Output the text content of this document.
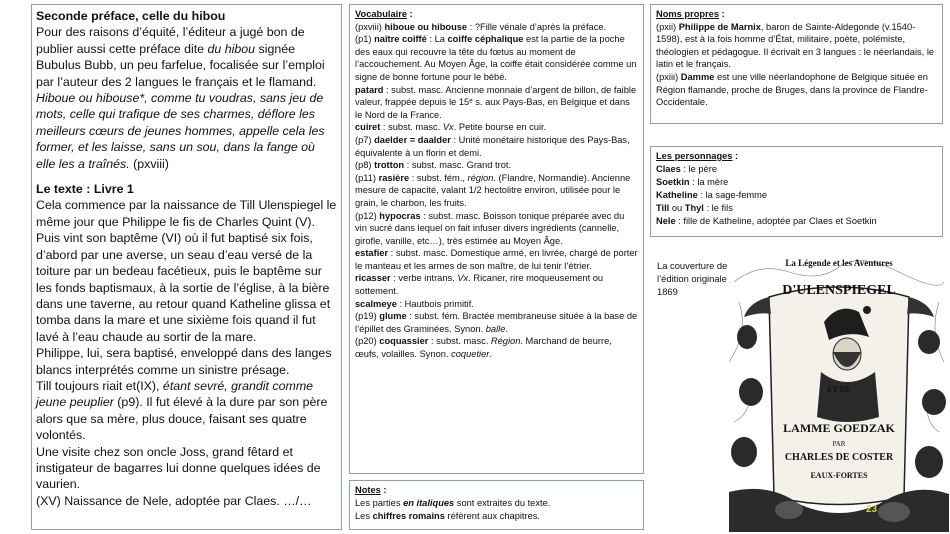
Seconde préface, celle du hibou

Pour des raisons d’équité, l’éditeur a jugé bon de publier aussi cette préface dite du hibou signée Bubulus Bubb, un peu farfelue, focalisée sur l’emploi par l’auteur des 2 langues le français et le flamand.

Hiboue ou hibouse*, comme tu voudras, sans jeu de mots, celle qui trafique de ses charmes, déflore les meilleurs cœurs de jeunes hommes, appelle cela les former, et les laisse, sans un sou, dans la fange où elle les a traînés. (pxviii)

Le texte : Livre 1

Cela commence par la naissance de Till Ulenspiegel le même jour que Philippe le fis de Charles Quint (V).

Puis vint son baptême (VI) où il fut baptisé six fois, d’abord par une averse, un seau d’eau versé de la toiture par un bedeau facétieux, puis le baptême sur les fonds baptismaux, à la sortie de l’église, à la bière dans une taverne, au retour quand Katheline glissa et tomba dans la mare et une sixième fois quand il fut lavé à l’eau chaude au sortir de la mare.

Philippe, lui, sera baptisé, enveloppé dans des langes blancs interprétés comme un sinistre présage.

Till toujours riait et(IX), étant sevré, grandit comme jeune peuplier (p9). Il fut élevé à la dure par son père alors que sa mère, plus douce, faisant ses quatre volontés.

Une visite chez son oncle Joss, grand fêtard et instigateur de bagarres lui donne quelques idées de vaurien.

(XV) Naissance de Nele, adoptée par Claes. …/…

Vocabulaire :

(pxviii) hiboue ou hibouse : ?Fille vénale d’après la préface.

(p1) naître coiffé : La coiffe céphalique est la partie de la poche des eaux qui recouvre la tête du fœtus au moment de l’accouchement. Au Moyen Âge, la coiffe était considérée comme un signe de bonne fortune pour le bébé.

patard : subst. masc. Ancienne monnaie d’argent de billon, de faible valeur, frappée depuis le 15ᵉ s. aux Pays-Bas, en Belgique et dans le Nord de la France.

cuiret : subst. masc. Vx. Petite bourse en cuir.

(p7) daelder = daalder : Unité monétaire historique des Pays-Bas, équivalente à un florin et demi.

(p8) trotton : subst. masc. Grand trot.

(p11) rasière : subst. fém., région. (Flandre, Normandie). Ancienne mesure de capacité, valant 1/2 hectolitre environ, utilisée pour le grain, le charbon, les fruits.

(p12) hypocras : subst. masc. Boisson tonique préparée avec du vin sucré dans lequel on fait infuser divers ingrédients (cannelle, girofle, vanille, etc…), très estimée au Moyen Âge.

estafier : subst. masc. Domestique armé, en livrée, chargé de porter le manteau et les armes de son maître, de lui tenir l’étrier.

ricasser : verbe intrans. Vx. Ricaner, rire moqueusement ou sottement.

scalmeye : Hautbois primitif.

(p19) glume : subst. fém. Bractée membraneuse située à la base de l’épillet des Graminées. Synon. balle.

(p20) coquassier : subst. masc. Région. Marchand de beurre, œufs, volailles. Synon. coquetier.

Notes :

Les parties en italiques sont extraites du texte.

Les chiffres romains réfèrent aux chapitres.

Noms propres :

(pxii) Philippe de Marnix, baron de Sainte-Aldegonde (v.1540-1598), est à la fois homme d’État, militaire, poète, polémiste, théologien et pédagogue. Il écrivait en 3 langues : le néerlandais, le latin et le français.

(pxiii) Damme est une ville néerlandophone de Belgique située en Région flamande, proche de Bruges, dans la province de Flandre-Occidentale.

Les personnages :

Claes : le père

Soetkin : la mère

Katheline : la sage-femme

Till ou Thyl : le fils

Nele : fille de Katheline, adoptée par Claes et Soetkin

La couverture de l’édition originale 1869
La Légende et les Aventures
D'ULENSPIEGEL
ET DE
LAMME GOEDZAK
PAR
CHARLES DE COSTER
EAUX-FORTES
23
